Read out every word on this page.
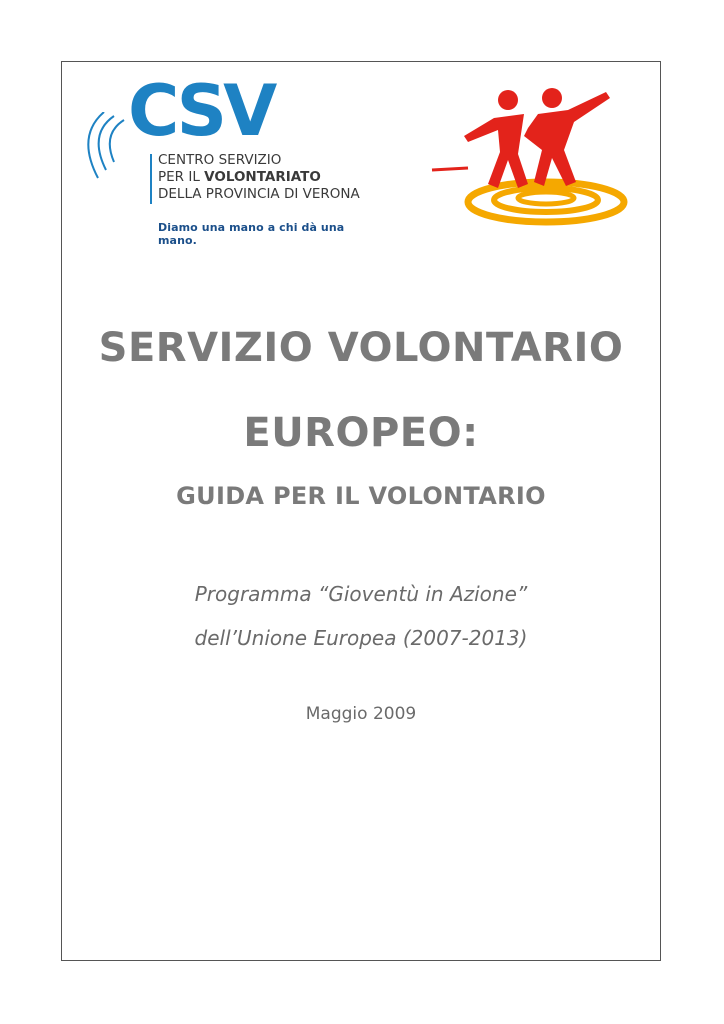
CSV
CENTRO SERVIZIO
PER IL VOLONTARIATO
DELLA PROVINCIA DI VERONA
Diamo una mano a chi dà una mano.
SERVIZIO VOLONTARIO
EUROPEO:
GUIDA PER IL VOLONTARIO
Programma “Gioventù in Azione”
dell’Unione Europea (2007-2013)
Maggio 2009
